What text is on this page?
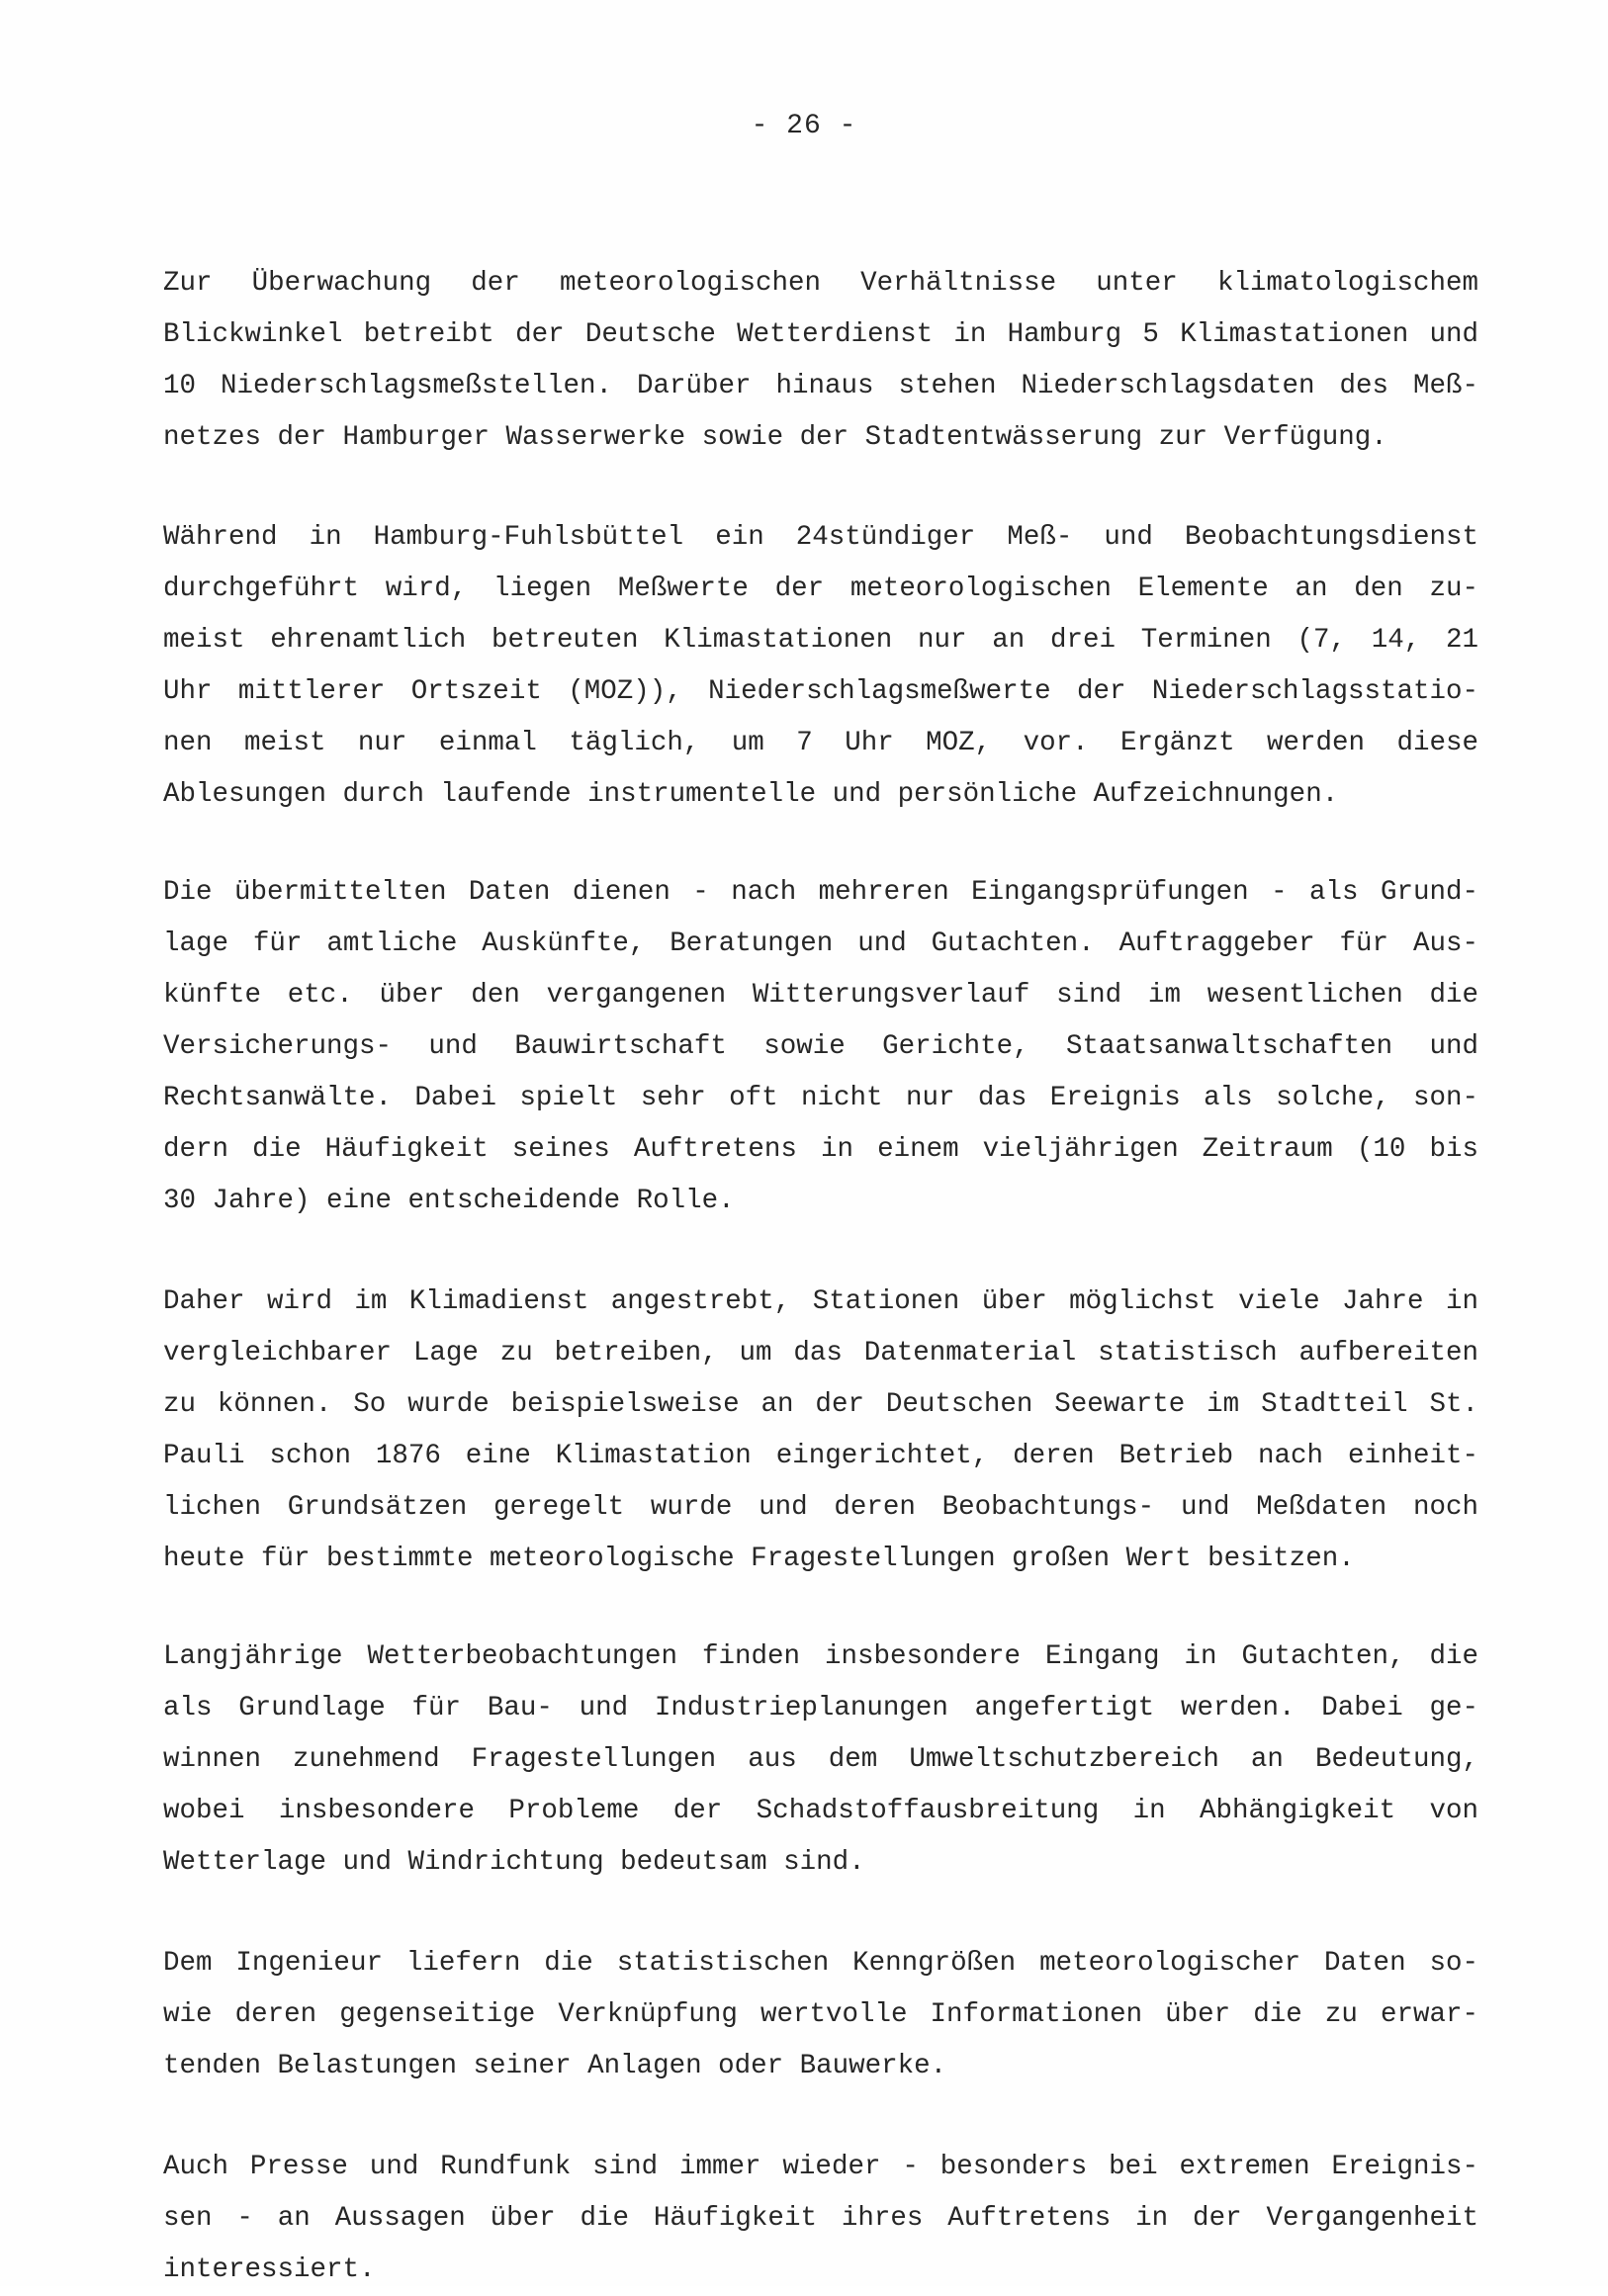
- 26 -
Zur Überwachung der meteorologischen Verhältnisse unter klimatologischem
Blickwinkel betreibt der Deutsche Wetterdienst in Hamburg 5 Klimastationen und
10 Niederschlagsmeßstellen. Darüber hinaus stehen Niederschlagsdaten des Meß-
netzes der Hamburger Wasserwerke sowie der Stadtentwässerung zur Verfügung.
Während in Hamburg-Fuhlsbüttel ein 24stündiger Meß- und Beobachtungsdienst
durchgeführt wird, liegen Meßwerte der meteorologischen Elemente an den zu-
meist ehrenamtlich betreuten Klimastationen nur an drei Terminen (7, 14, 21
Uhr mittlerer Ortszeit (MOZ)), Niederschlagsmeßwerte der Niederschlagsstatio-
nen meist nur einmal täglich, um 7 Uhr MOZ, vor. Ergänzt werden diese
Ablesungen durch laufende instrumentelle und persönliche Aufzeichnungen.
Die übermittelten Daten dienen - nach mehreren Eingangsprüfungen - als Grund-
lage für amtliche Auskünfte, Beratungen und Gutachten. Auftraggeber für Aus-
künfte etc. über den vergangenen Witterungsverlauf sind im wesentlichen die
Versicherungs- und Bauwirtschaft sowie Gerichte, Staatsanwaltschaften und
Rechtsanwälte. Dabei spielt sehr oft nicht nur das Ereignis als solche, son-
dern die Häufigkeit seines Auftretens in einem vieljährigen Zeitraum (10 bis
30 Jahre) eine entscheidende Rolle.
Daher wird im Klimadienst angestrebt, Stationen über möglichst viele Jahre in
vergleichbarer Lage zu betreiben, um das Datenmaterial statistisch aufbereiten
zu können. So wurde beispielsweise an der Deutschen Seewarte im Stadtteil St.
Pauli schon 1876 eine Klimastation eingerichtet, deren Betrieb nach einheit-
lichen Grundsätzen geregelt wurde und deren Beobachtungs- und Meßdaten noch
heute für bestimmte meteorologische Fragestellungen großen Wert besitzen.
Langjährige Wetterbeobachtungen finden insbesondere Eingang in Gutachten, die
als Grundlage für Bau- und Industrieplanungen angefertigt werden. Dabei ge-
winnen zunehmend Fragestellungen aus dem Umweltschutzbereich an Bedeutung,
wobei insbesondere Probleme der Schadstoffausbreitung in Abhängigkeit von
Wetterlage und Windrichtung bedeutsam sind.
Dem Ingenieur liefern die statistischen Kenngrößen meteorologischer Daten so-
wie deren gegenseitige Verknüpfung wertvolle Informationen über die zu erwar-
tenden Belastungen seiner Anlagen oder Bauwerke.
Auch Presse und Rundfunk sind immer wieder - besonders bei extremen Ereignis-
sen - an Aussagen über die Häufigkeit ihres Auftretens in der Vergangenheit
interessiert.
